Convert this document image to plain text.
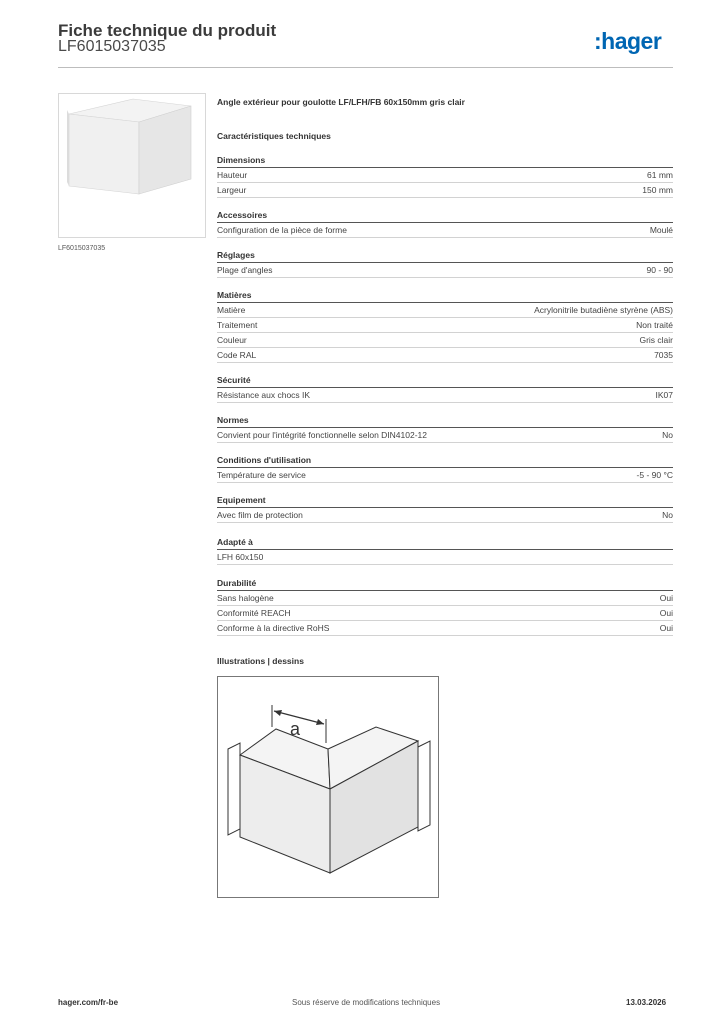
Fiche technique du produit
LF6015037035	:hager
LF6015037035
Angle extérieur pour goulotte LF/LFH/FB 60x150mm gris clair
Caractéristiques techniques
Dimensions
Hauteur	61 mm
Largeur	150 mm
Accessoires
Configuration de la pièce de forme	Moulé
Réglages
Plage d'angles	90 - 90
Matières
Matière	Acrylonitrile butadiène styrène (ABS)
Traitement	Non traité
Couleur	Gris clair
Code RAL	7035
Sécurité
Résistance aux chocs IK	IK07
Normes
Convient pour l'intégrité fonctionnelle selon DIN4102-12	No
Conditions d'utilisation
Température de service	-5 - 90 °C
Equipement
Avec film de protection	No
Adapté à
LFH 60x150
Durabilité
Sans halogène	Oui
Conformité REACH	Oui
Conforme à la directive RoHS	Oui
Illustrations | dessins
a
hager.com/fr-be	Sous réserve de modifications techniques	13.03.2026
